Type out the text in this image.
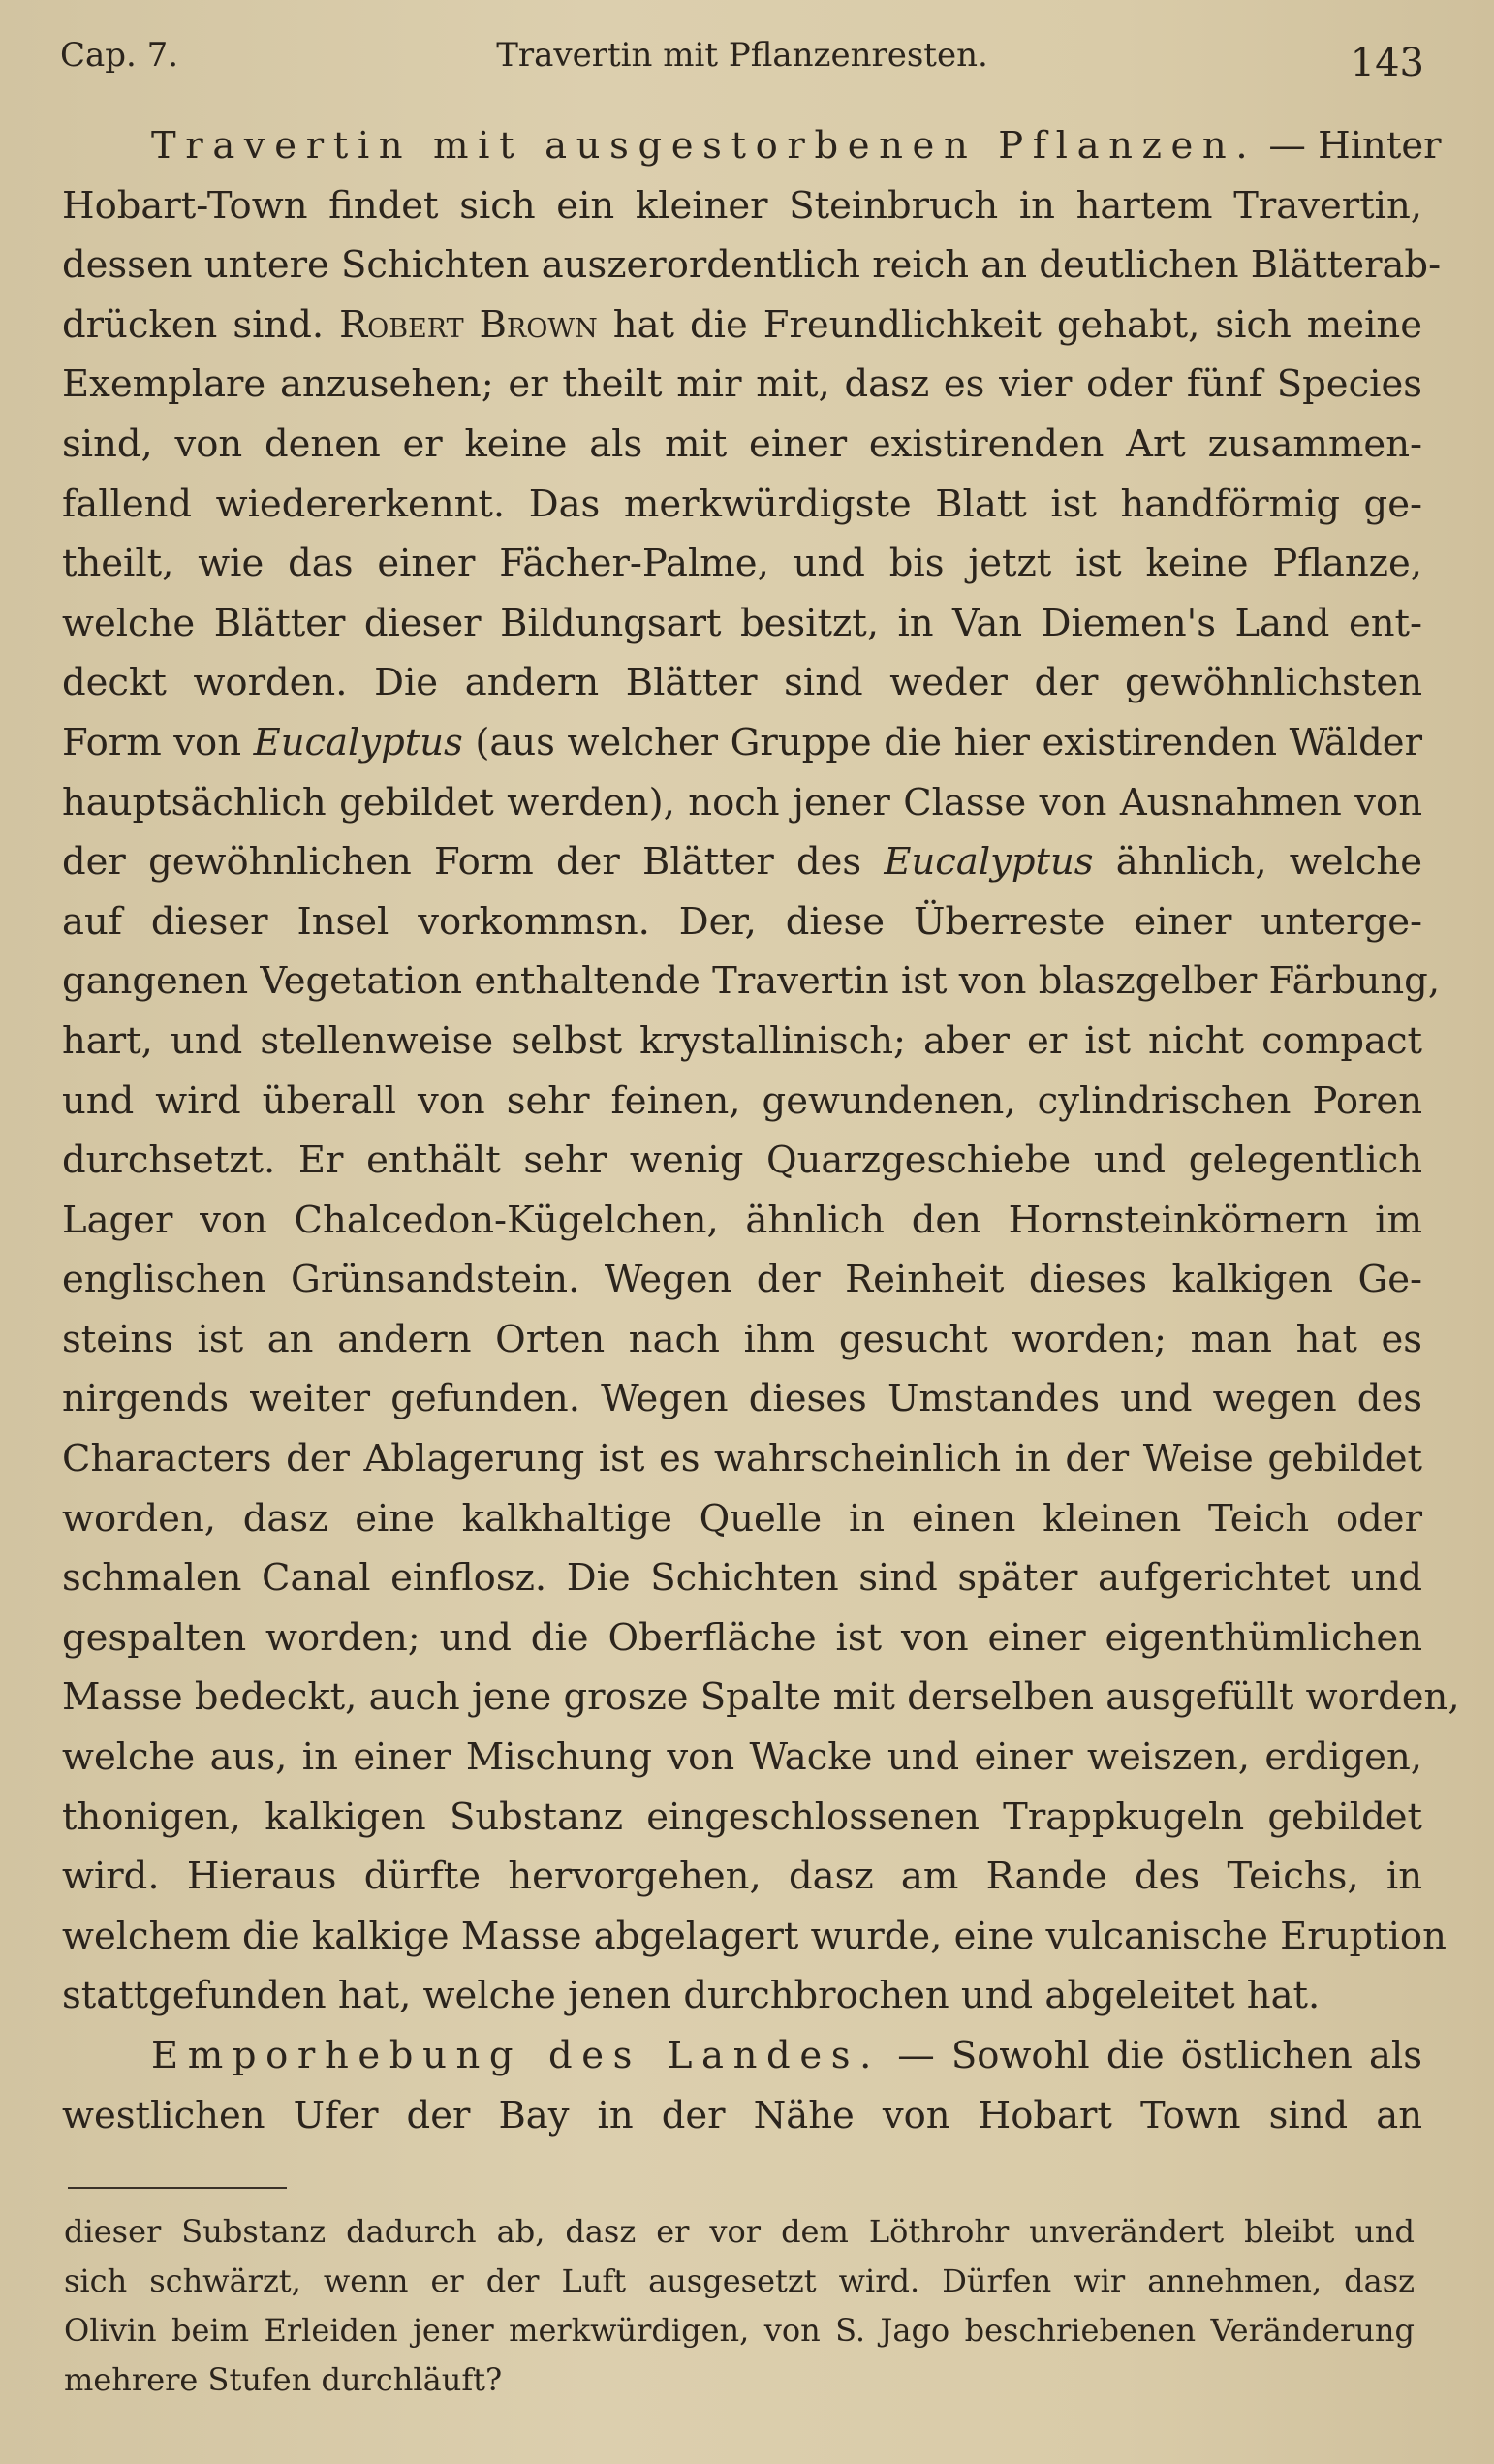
Cap. 7.	Travertin mit Pflanzenresten.	143
Travertin mit ausgestorbenen Pflanzen. — Hinter
Hobart-Town findet sich ein kleiner Steinbruch in hartem Travertin,
dessen untere Schichten auszerordentlich reich an deutlichen Blätterab-
drücken sind. Robert Brown hat die Freundlichkeit gehabt, sich meine
Exemplare anzusehen; er theilt mir mit, dasz es vier oder fünf Species
sind, von denen er keine als mit einer existirenden Art zusammen-
fallend wiedererkennt. Das merkwürdigste Blatt ist handförmig ge-
theilt, wie das einer Fächer-Palme, und bis jetzt ist keine Pflanze,
welche Blätter dieser Bildungsart besitzt, in Van Diemen's Land ent-
deckt worden. Die andern Blätter sind weder der gewöhnlichsten
Form von Eucalyptus (aus welcher Gruppe die hier existirenden Wälder
hauptsächlich gebildet werden), noch jener Classe von Ausnahmen von
der gewöhnlichen Form der Blätter des Eucalyptus ähnlich, welche
auf dieser Insel vorkommsn. Der, diese Überreste einer unterge-
gangenen Vegetation enthaltende Travertin ist von blaszgelber Färbung,
hart, und stellenweise selbst krystallinisch; aber er ist nicht compact
und wird überall von sehr feinen, gewundenen, cylindrischen Poren
durchsetzt. Er enthält sehr wenig Quarzgeschiebe und gelegentlich
Lager von Chalcedon-Kügelchen, ähnlich den Hornsteinkörnern im
englischen Grünsandstein. Wegen der Reinheit dieses kalkigen Ge-
steins ist an andern Orten nach ihm gesucht worden; man hat es
nirgends weiter gefunden. Wegen dieses Umstandes und wegen des
Characters der Ablagerung ist es wahrscheinlich in der Weise gebildet
worden, dasz eine kalkhaltige Quelle in einen kleinen Teich oder
schmalen Canal einflosz. Die Schichten sind später aufgerichtet und
gespalten worden; und die Oberfläche ist von einer eigenthümlichen
Masse bedeckt, auch jene grosze Spalte mit derselben ausgefüllt worden,
welche aus, in einer Mischung von Wacke und einer weiszen, erdigen,
thonigen, kalkigen Substanz eingeschlossenen Trappkugeln gebildet
wird. Hieraus dürfte hervorgehen, dasz am Rande des Teichs, in
welchem die kalkige Masse abgelagert wurde, eine vulcanische Eruption
stattgefunden hat, welche jenen durchbrochen und abgeleitet hat.
Emporhebung des Landes. — Sowohl die östlichen als
westlichen Ufer der Bay in der Nähe von Hobart Town sind an
dieser Substanz dadurch ab, dasz er vor dem Löthrohr unverändert bleibt und
sich schwärzt, wenn er der Luft ausgesetzt wird. Dürfen wir annehmen, dasz
Olivin beim Erleiden jener merkwürdigen, von S. Jago beschriebenen Veränderung
mehrere Stufen durchläuft?
